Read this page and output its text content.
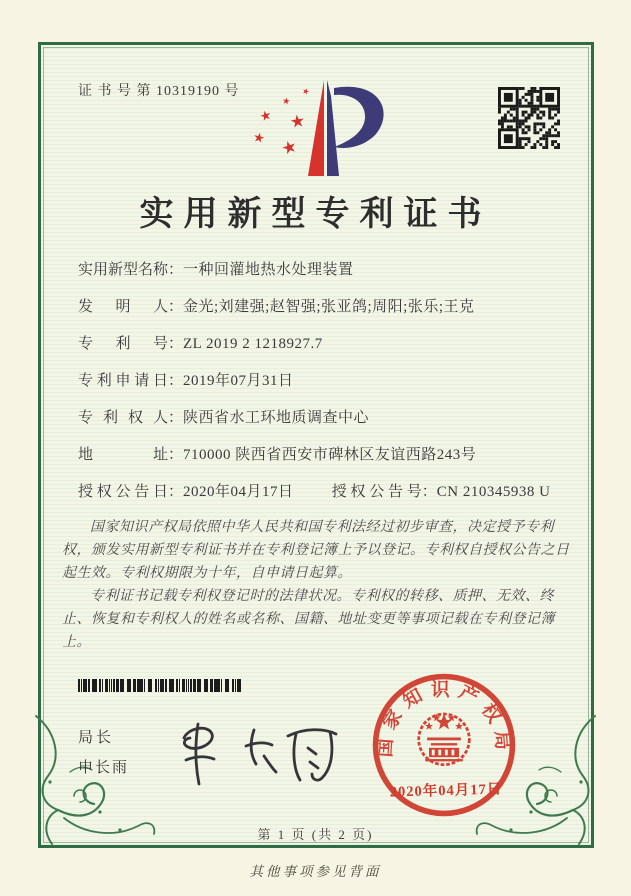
证 书 号 第 10319190 号
★
★
★
★ ★
★
实用新型专利证书
实用新型名称：一种回灌地热水处理装置
发明人：金光;刘建强;赵智强;张亚鸽;周阳;张乐;王克
专利号：ZL 2019 2 1218927.7
专利申请日：2019年07月31日
专利权人：陕西省水工环地质调查中心
地址：710000 陕西省西安市碑林区友谊西路243号
授权公告日：2020年04月17日	授权公告号：CN 210345938 U

国家知识产权局依照中华人民共和国专利法经过初步审查，决定授予专利权，颁发实用新型专利证书并在专利登记簿上予以登记。专利权自授权公告之日起生效。专利权期限为十年，自申请日起算。

专利证书记载专利权登记时的法律状况。专利权的转移、质押、无效、终止、恢复和专利权人的姓名或名称、国籍、地址变更等事项记载在专利登记簿上。

局长
申长雨
国家知识产权局
2020年04月17日
第 1 页 (共 2 页)
其他事项参见背面
